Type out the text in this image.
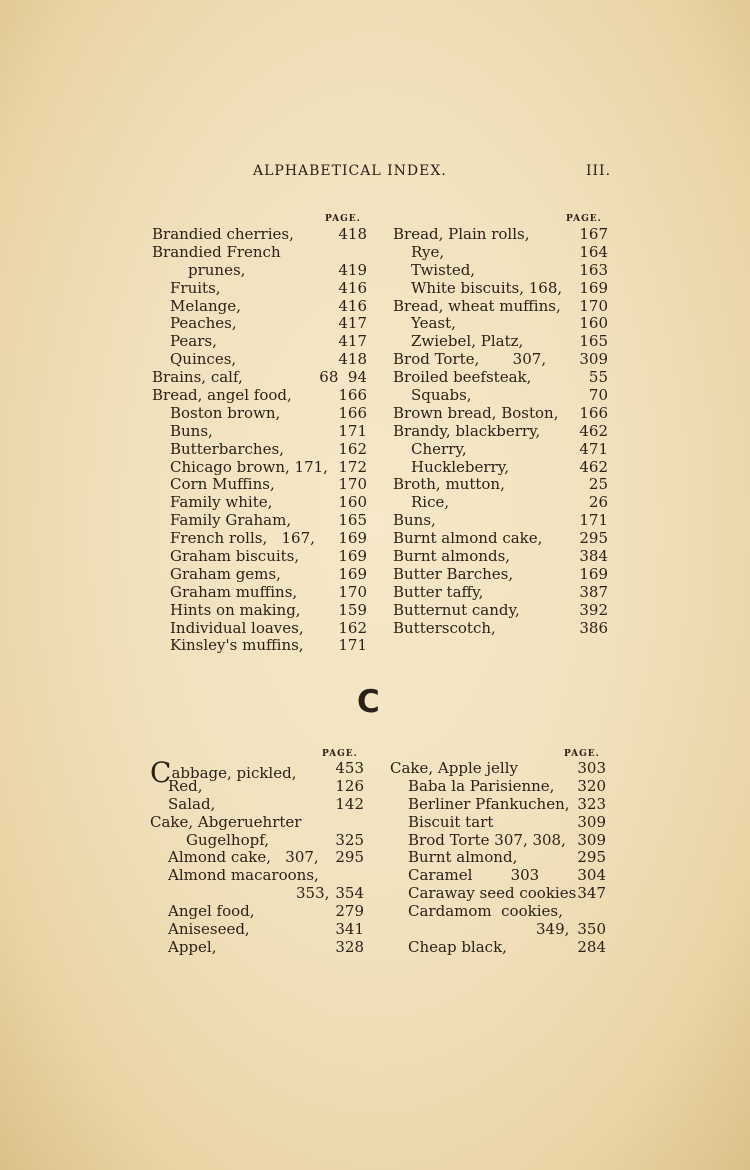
ALPHABETICAL INDEX.	III.
PAGE.	PAGE.
Brandied cherries,	418
Brandied French
prunes,	419
Fruits,	416
Melange,	416
Peaches,	417
Pears,	417
Quinces,	418
Brains, calf,	68  94
Bread, angel food,	166
Boston brown,	166
Buns,	171
Butterbarches,	162
Chicago brown, 171, 172
Corn Muffins,	170
Family white,	160
Family Graham,	165
French rolls,   167, 169
Graham biscuits,	169
Graham gems,	169
Graham muffins,	170
Hints on making,	159
Individual loaves, 162
Kinsley's muffins, 171
Bread, Plain rolls,	167
Rye,	164
Twisted,	163
White biscuits, 168, 169
Bread, wheat muffins, 170
Yeast,	160
Zwiebel, Platz,	165
Brod Torte,       307, 309
Broiled beefsteak,	55
Squabs,	70
Brown bread, Boston, 166
Brandy, blackberry,	462
Cherry,	471
Huckleberry,	462
Broth, mutton,	25
Rice,	26
Buns,	171
Burnt almond cake, 295
Burnt almonds,	384
Butter Barches,	169
Butter taffy,	387
Butternut candy,	392
Butterscotch,	386
C
PAGE.	PAGE.
Cabbage, pickled,	453
Red,	126
Salad,	142
Cake, Abgeruehrter
Gugelhopf,	325
Almond cake,   307, 295
Almond macaroons,
353, 354
Angel food,	279
Aniseseed,	341
Appel,	328
Cake, Apple jelly	303
Baba la Parisienne, 320
Berliner Pfankuchen, 323
Biscuit tart	309
Brod Torte 307, 308, 309
Burnt almond,	295
Caramel        303	304
Caraway seed cookies 347
Cardamom  cookies,
349, 350
Cheap black,	284
